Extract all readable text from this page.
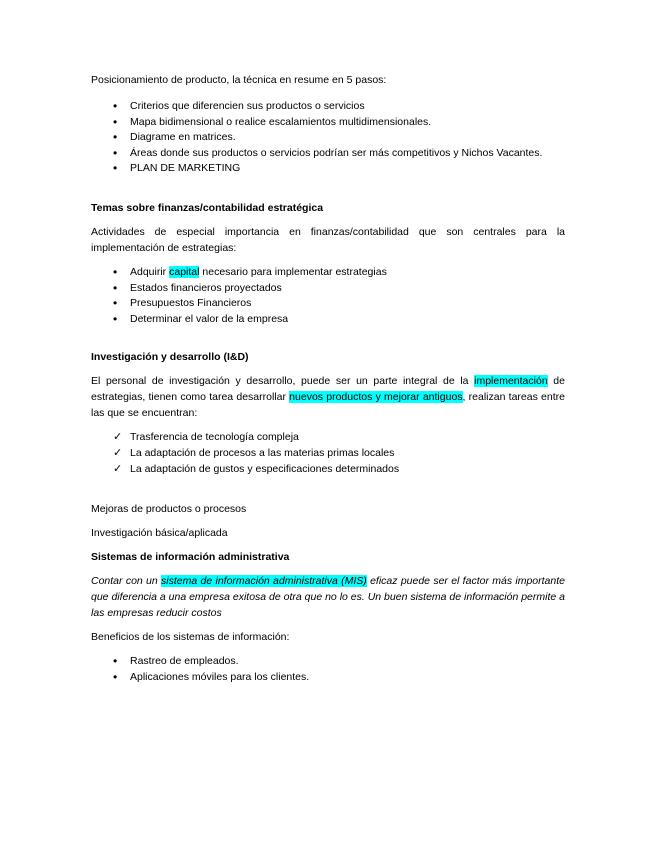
Posicionamiento de producto, la técnica en resume en 5 pasos:

• Criterios que diferencien sus productos o servicios
• Mapa bidimensional o realice escalamientos multidimensionales.
• Diagrame en matrices.
• Áreas donde sus productos o servicios podrían ser más competitivos y Nichos Vacantes.
• PLAN DE MARKETING

Temas sobre finanzas/contabilidad estratégica

Actividades de especial importancia en finanzas/contabilidad que son centrales para la implementación de estrategias:

• Adquirir capital necesario para implementar estrategias
• Estados financieros proyectados
• Presupuestos Financieros
• Determinar el valor de la empresa

Investigación y desarrollo (I&D)

El personal de investigación y desarrollo, puede ser un parte integral de la implementación de estrategias, tienen como tarea desarrollar nuevos productos y mejorar antiguos, realizan tareas entre las que se encuentran:

✓ Trasferencia de tecnología compleja
✓ La adaptación de procesos a las materias primas locales
✓ La adaptación de gustos y especificaciones determinados

Mejoras de productos o procesos

Investigación básica/aplicada

Sistemas de información administrativa

Contar con un sistema de información administrativa (MIS) eficaz puede ser el factor más importante que diferencia a una empresa exitosa de otra que no lo es. Un buen sistema de información permite a las empresas reducir costos

Beneficios de los sistemas de información:

• Rastreo de empleados.
• Aplicaciones móviles para los clientes.
